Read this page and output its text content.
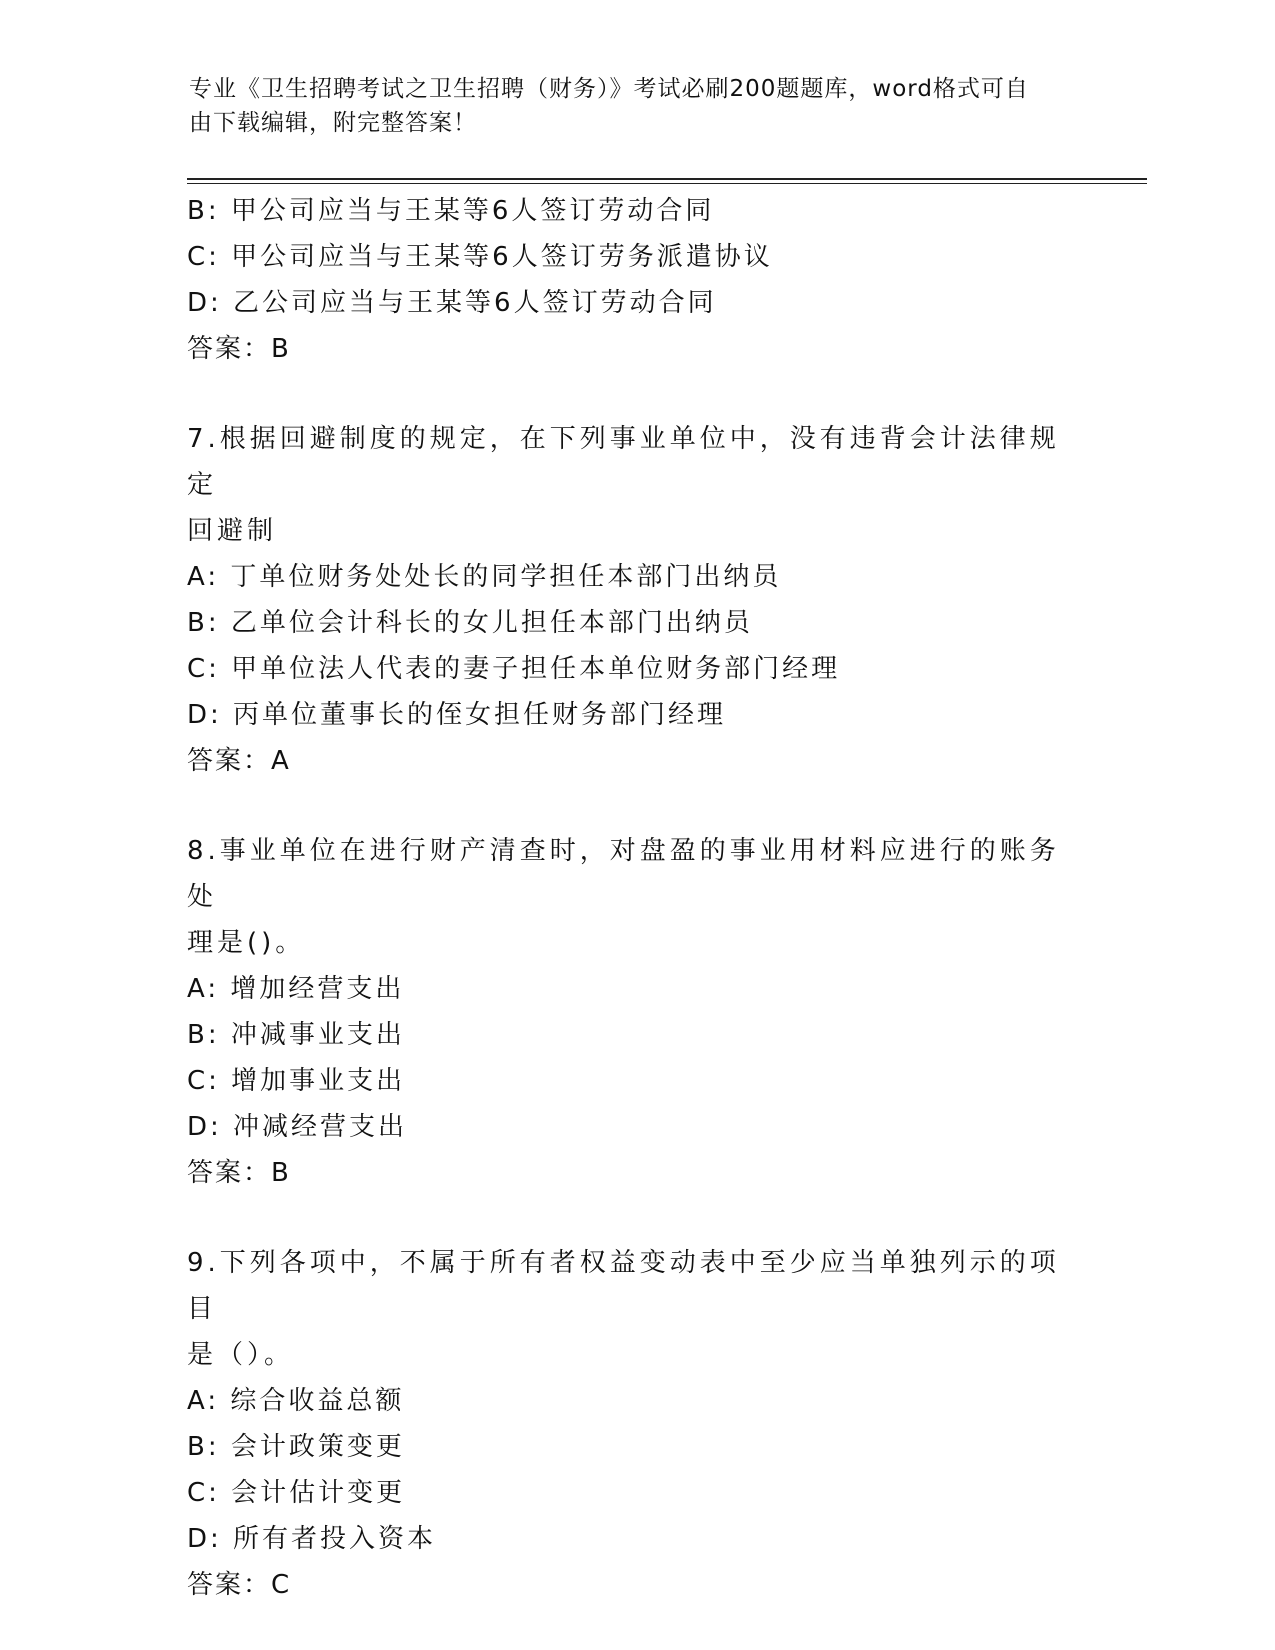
专业《卫生招聘考试之卫生招聘（财务）》考试必刷200题题库，word格式可自
由下载编辑，附完整答案！
B: 甲公司应当与王某等6人签订劳动合同
C: 甲公司应当与王某等6人签订劳务派遣协议
D: 乙公司应当与王某等6人签订劳动合同
答案：B
7.根据回避制度的规定，在下列事业单位中，没有违背会计法律规定
回避制
A: 丁单位财务处处长的同学担任本部门出纳员
B: 乙单位会计科长的女儿担任本部门出纳员
C: 甲单位法人代表的妻子担任本单位财务部门经理
D: 丙单位董事长的侄女担任财务部门经理
答案：A
8.事业单位在进行财产清查时，对盘盈的事业用材料应进行的账务处
理是()。
A: 增加经营支出
B: 冲减事业支出
C: 增加事业支出
D: 冲减经营支出
答案：B
9.下列各项中，不属于所有者权益变动表中至少应当单独列示的项目
是（）。
A: 综合收益总额
B: 会计政策变更
C: 会计估计变更
D: 所有者投入资本
答案：C
